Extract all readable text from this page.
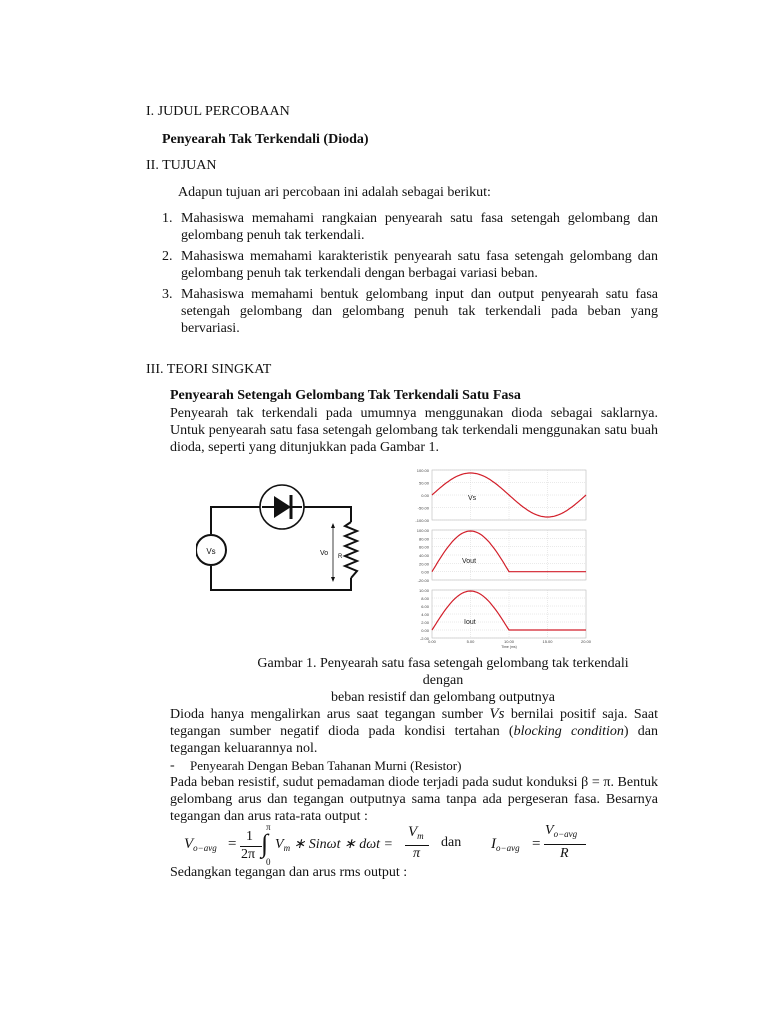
I. JUDUL PERCOBAAN
Penyearah Tak Terkendali (Dioda)
II. TUJUAN
Adapun tujuan ari percobaan ini adalah sebagai berikut:
1. Mahasiswa memahami rangkaian penyearah satu fasa setengah gelombang dan gelombang penuh tak terkendali.
2. Mahasiswa memahami karakteristik penyearah satu fasa setengah gelombang dan gelombang penuh tak terkendali dengan berbagai variasi beban.
3. Mahasiswa memahami bentuk gelombang input dan output penyearah satu fasa setengah gelombang dan gelombang penuh tak terkendali pada beban yang bervariasi.
III. TEORI SINGKAT
Penyearah Setengah Gelombang Tak Terkendali Satu Fasa
Penyearah tak terkendali pada umumnya menggunakan dioda sebagai saklarnya. Untuk penyearah satu fasa setengah gelombang tak terkendali menggunakan satu buah dioda, seperti yang ditunjukkan pada Gambar 1.
Vs	Vo R
100.00
50.00
0.00
-50.00
-100.00
Vs
100.00
80.00
60.00
40.00
20.00
0.00
-20.00
Vout
10.00
8.00
6.00
4.00
2.00
0.00
-2.00
Iout
0.00	5.00	10.00	15.00	20.00
Time (ms)
Gambar 1. Penyearah satu fasa setengah gelombang tak terkendali dengan
beban resistif dan gelombang outputnya
Dioda hanya mengalirkan arus saat tegangan sumber Vs bernilai positif saja. Saat tegangan sumber negatif dioda pada kondisi tertahan (blocking condition) dan tegangan keluarannya nol.
- Penyearah Dengan Beban Tahanan Murni (Resistor)
Pada beban resistif, sudut pemadaman diode terjadi pada sudut konduksi β = π. Bentuk gelombang arus dan tegangan outputnya sama tanpa ada pergeseran fasa. Besarnya tegangan dan arus rata-rata output :
$V_{o-avg} = 1$
2π
π
∫
0
$V_m$ ∗ Sinωt ∗ dωt =
$V_m$
π
dan $I_{o-avg}$ =
$V_{o-avg}$
R
Sedangkan tegangan dan arus rms output :
